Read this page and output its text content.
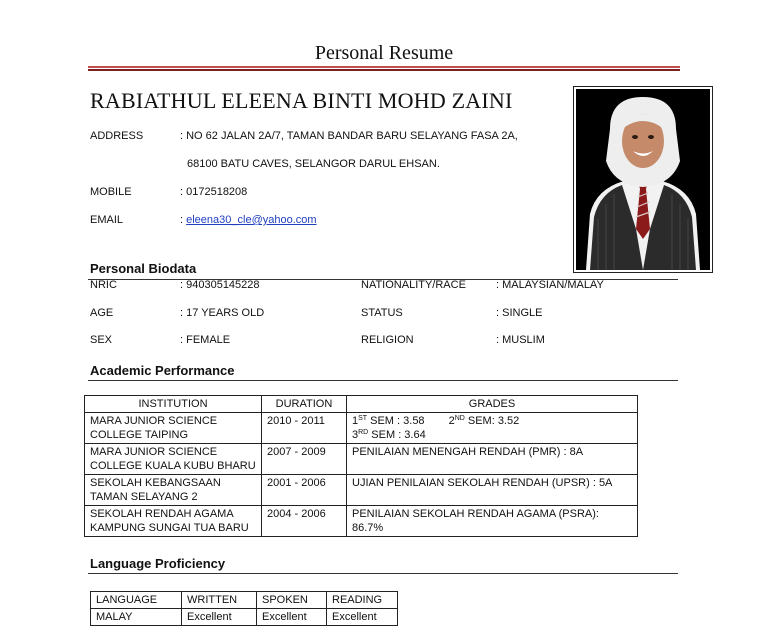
Personal Resume
RABIATHUL ELEENA BINTI MOHD ZAINI
ADDRESS	: NO 62 JALAN 2A/7, TAMAN BANDAR BARU SELAYANG FASA 2A,
68100 BATU CAVES, SELANGOR DARUL EHSAN.
MOBILE	: 0172518208
EMAIL	: eleena30_cle@yahoo.com
Personal Biodata
NRIC	: 940305145228	NATIONALITY/RACE	: MALAYSIAN/MALAY
AGE	: 17 YEARS OLD	STATUS	: SINGLE
SEX	: FEMALE	RELIGION	: MUSLIM
Academic Performance
INSTITUTION	DURATION	GRADES
MARA JUNIOR SCIENCE
COLLEGE TAIPING	2010 - 2011	1ST SEM : 3.58 2ND SEM: 3.52
3RD SEM : 3.64
MARA JUNIOR SCIENCE
COLLEGE KUALA KUBU BHARU	2007 - 2009	PENILAIAN MENENGAH RENDAH (PMR) : 8A
SEKOLAH KEBANGSAAN
TAMAN SELAYANG 2	2001 - 2006	UJIAN PENILAIAN SEKOLAH RENDAH (UPSR) : 5A
SEKOLAH RENDAH AGAMA
KAMPUNG SUNGAI TUA BARU	2004 - 2006	PENILAIAN SEKOLAH RENDAH AGAMA (PSRA): 86.7%
Language Proficiency
LANGUAGE	WRITTEN	SPOKEN	READING
MALAY	Excellent	Excellent	Excellent
